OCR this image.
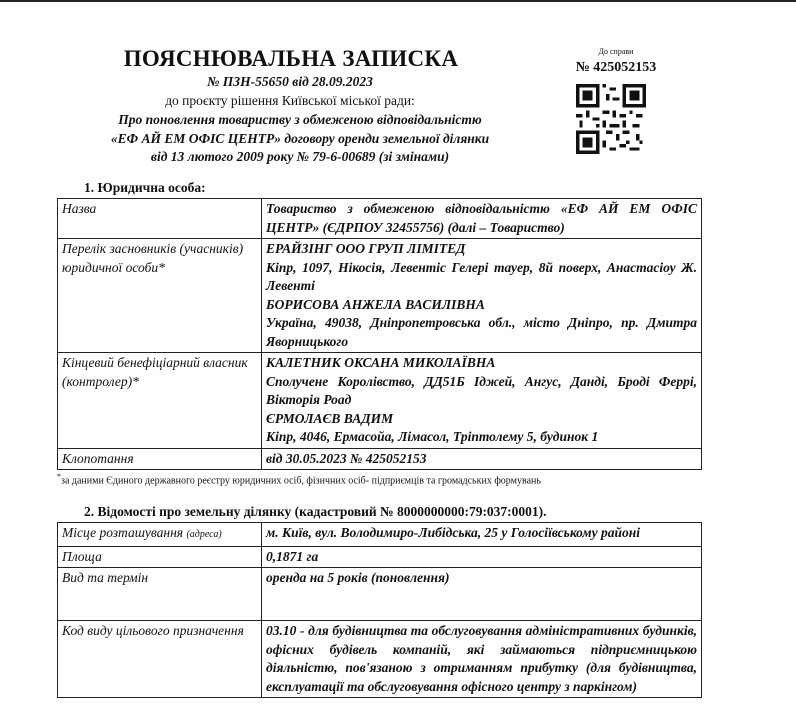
ПОЯСНЮВАЛЬНА ЗАПИСКА
№ ПЗН-55650 від 28.09.2023
до проєкту рішення Київської міської ради:
Про поновлення товариству з обмеженою відповідальністю
«ЕФ АЙ ЕМ ОФІС ЦЕНТР» договору оренди земельної ділянки
від 13 лютого 2009 року № 79-6-00689 (зі змінами)
До справи
№ 425052153
1. Юридична особа:
Назва	Товариство з обмеженою відповідальністю «ЕФ АЙ ЕМ ОФІС ЦЕНТР» (ЄДРПОУ 32455756) (далі – Товариство)
Перелік засновників (учасників) юридичної особи*	ЕРАЙЗІНГ ООО ГРУП ЛІМІТЕД
Кіпр, 1097, Нікосія, Левентіс Гелері тауер, 8й поверх, Анастасіоу Ж. Левенті
БОРИСОВА АНЖЕЛА ВАСИЛІВНА
Україна, 49038, Дніпропетровська обл., місто Дніпро, пр. Дмитра Яворницького

Кінцевий бенефіціарний власник (контролер)*	КАЛЕТНИК ОКСАНА МИКОЛАЇВНА
Сполучене Королівство, ДД51Б Іджей, Ангус, Данді, Броді Феррі, Вікторія Роад
ЄРМОЛАЄВ ВАДИМ
Кіпр, 4046, Ермасойа, Лімасол, Тріптолему 5, будинок 1

Клопотання	від 30.05.2023 № 425052153
*за даними Єдиного державного реєстру юридичних осіб, фізичних осіб- підприємців та громадських формувань
2. Відомості про земельну ділянку (кадастровий № 8000000000:79:037:0001).
Місце розташування (адреса)	м. Київ, вул. Володимиро-Либідська, 25 у Голосіївському районі
Площа	0,1871 га
Вид та термін	оренда на 5 років (поновлення)
Код виду цільового призначення	03.10 - для будівництва та обслуговування адміністративних будинків, офісних будівель компаній, які займаються підприємницькою діяльністю, пов'язаною з отриманням прибутку (для будівництва, експлуатації та обслуговування офісного центру з паркінгом)
